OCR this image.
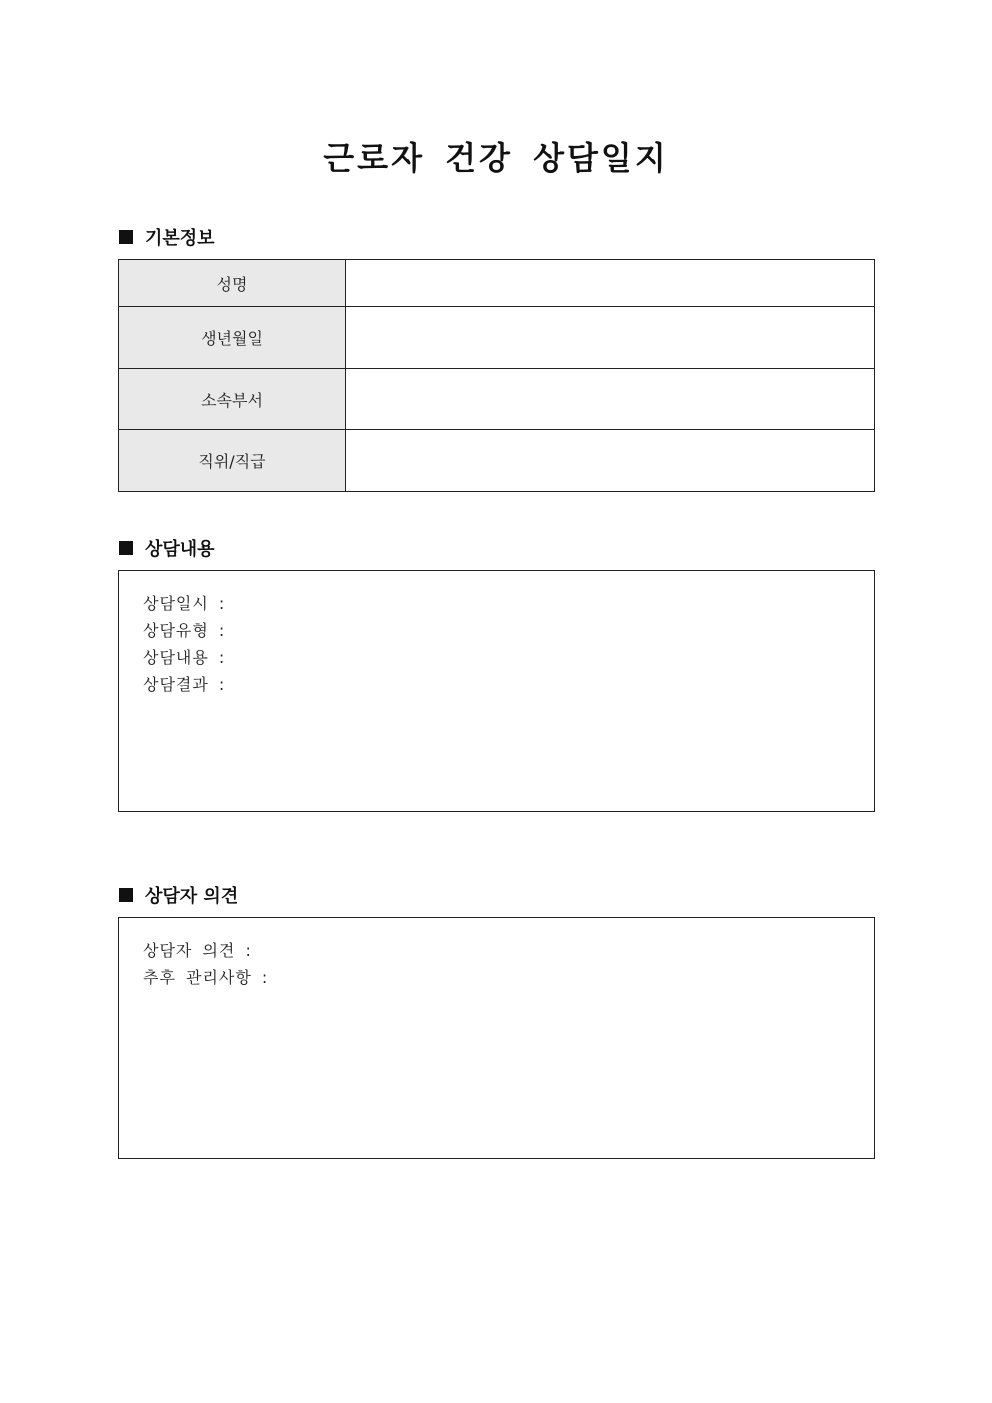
근로자 건강 상담일지
기본정보
성명	
생년월일	
소속부서	
직위/직급	
상담내용
상담일시 :
상담유형 :
상담내용 :
상담결과 :
상담자 의견
상담자 의견 :
추후 관리사항 :
